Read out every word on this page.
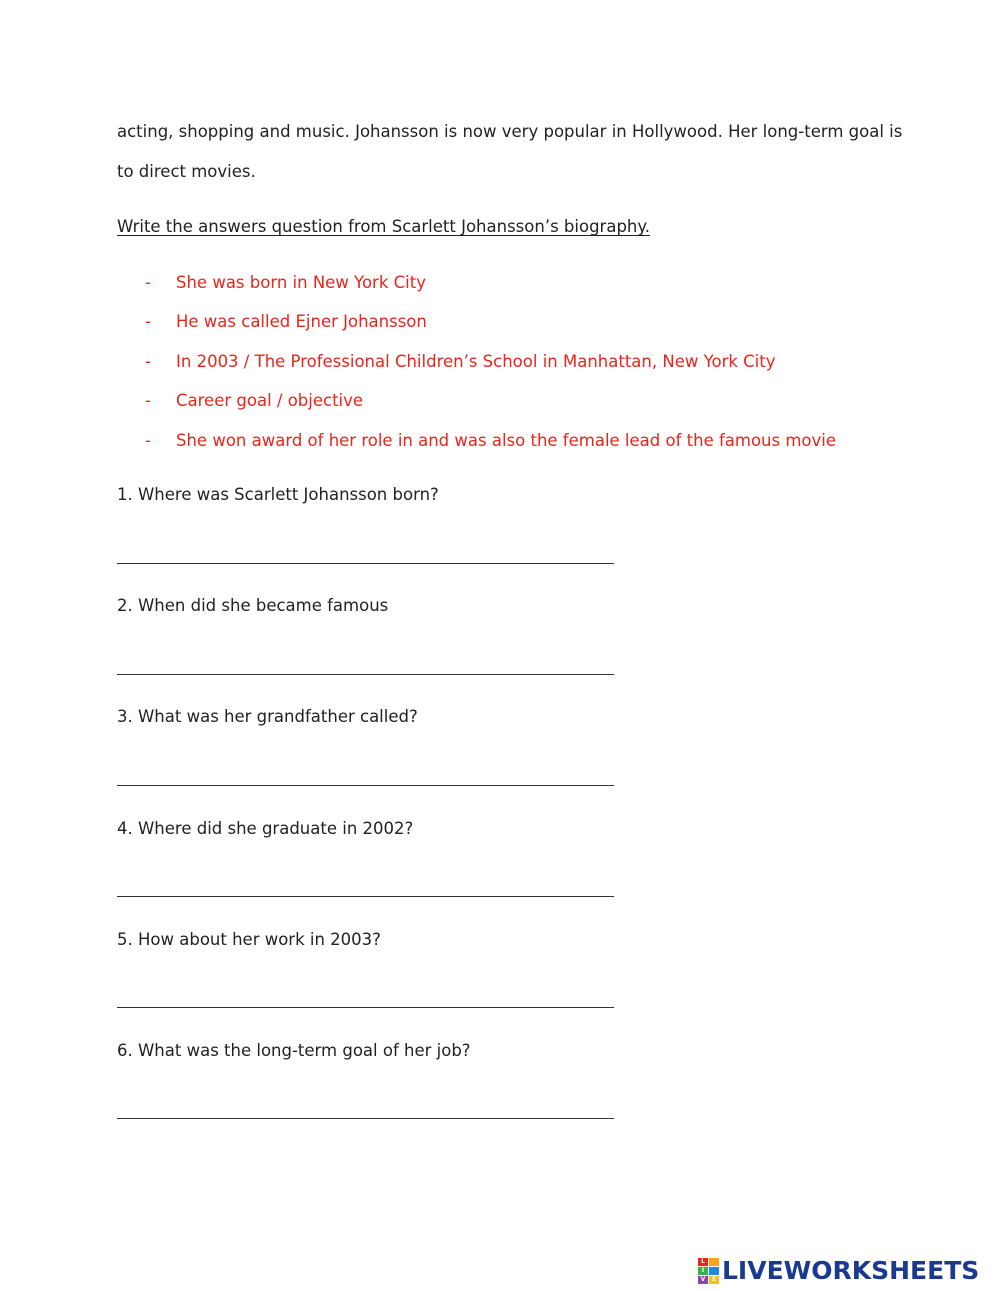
acting, shopping and music. Johansson is now very popular in Hollywood. Her long-term goal is
to direct movies.
Write the answers question from Scarlett Johansson’s biography.
-	She was born in New York City
-	He was called Ejner Johansson
-	In 2003 / The Professional Children’s School in Manhattan, New York City
-	Career goal / objective
-	She won award of her role in and was also the female lead of the famous movie
1. Where was Scarlett Johansson born?
2. When did she became famous
3. What was her grandfather called?
4. Where did she graduate in 2002?
5. How about her work in 2003?
6. What was the long-term goal of her job?
L
I
V	E LIVEWORKSHEETS
